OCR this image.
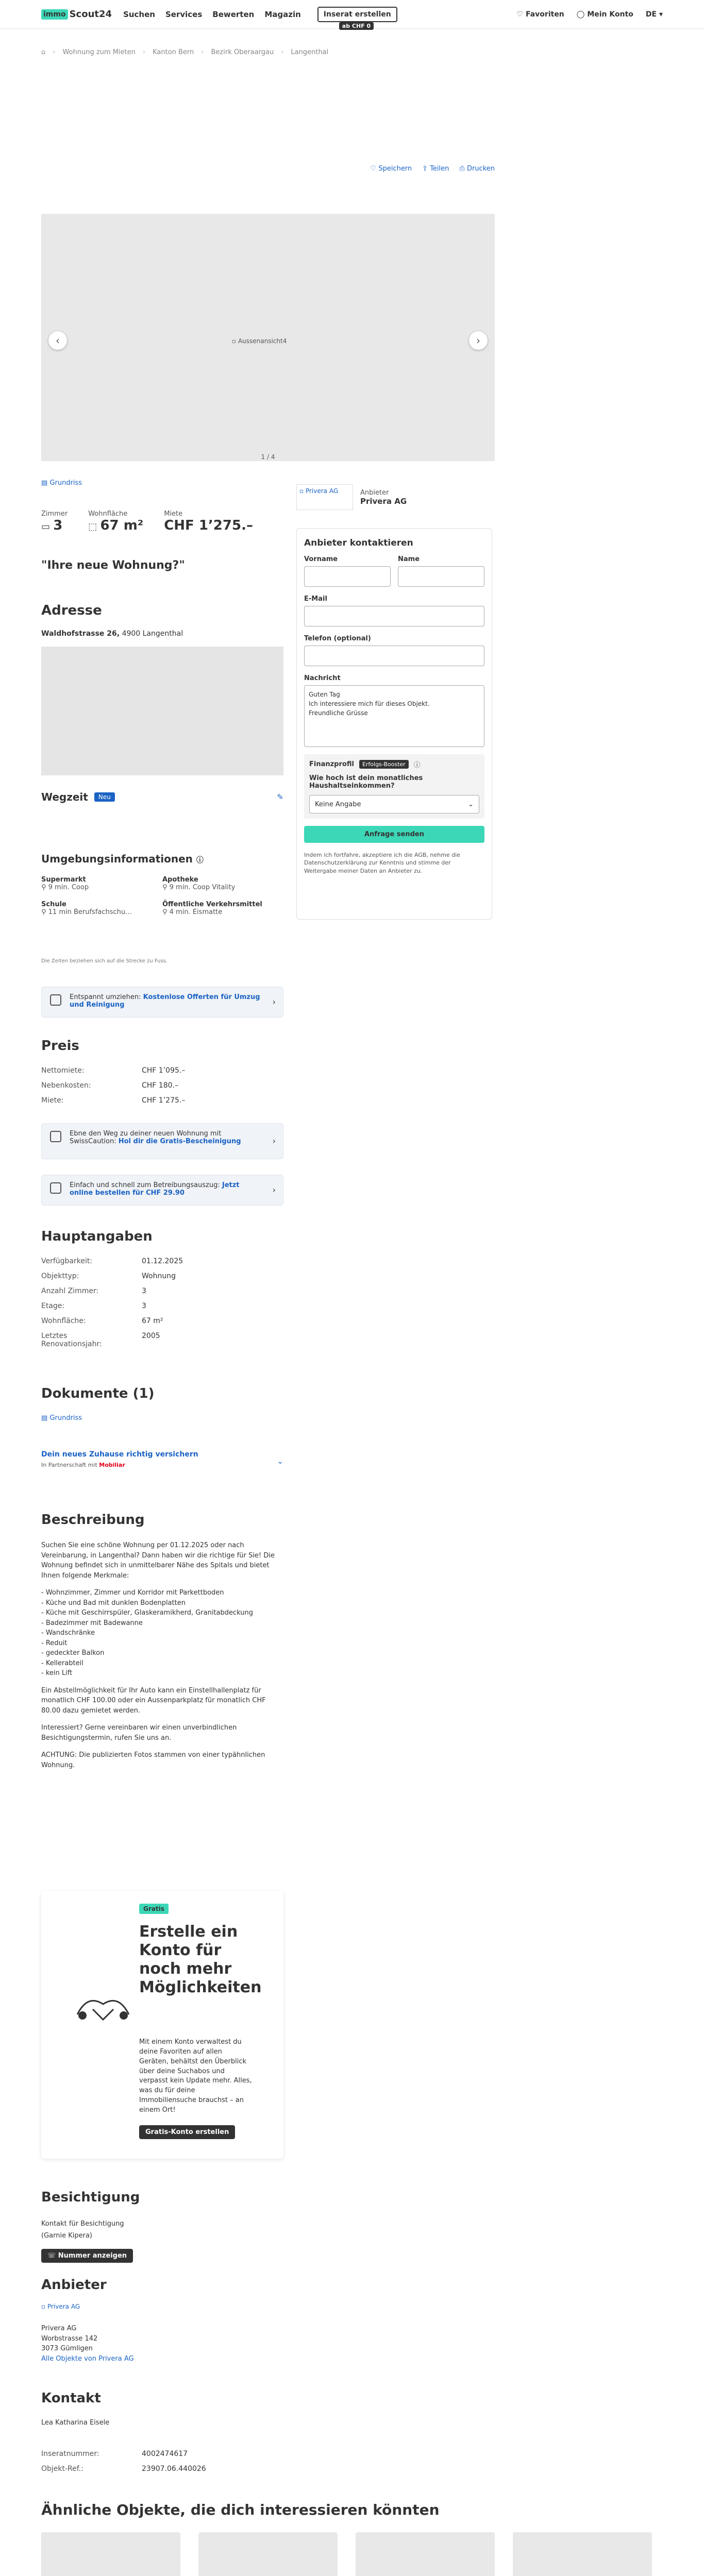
immo Scout24 Suchen Services Bewerten Magazin	Inserat erstellen
ab CHF 0
♡ Favoriten ◯ Mein Konto DE ▾
⌂ › Wohnung zum Mieten › Kanton Bern › Bezirk Oberaargau › Langenthal
♡ Speichern ⇪ Teilen ⎙ Drucken
▫ Aussenansicht4
‹	›
1 / 4
▤ Grundriss
Zimmer
▭ 3
Wohnfläche
⬚ 67 m²
Miete
CHF 1’275.–
"Ihre neue Wohnung?"
Adresse
Waldhofstrasse 26, 4900 Langenthal
Wegzeit	Neu	✎
Umgebungsinformationen ⓘ
Supermarkt
⚲ 9 min. Coop
Apotheke
⚲ 9 min. Coop Vitality
Schule
⚲ 11 min Berufsfachschu…
Öffentliche Verkehrsmittel
⚲ 4 min. Eismatte
Die Zeiten beziehen sich auf die Strecke zu Fuss.
Entspannt umziehen: Kostenlose Offerten für Umzug und Reinigung	›
Preis
Nettomiete:	CHF 1’095.–
Nebenkosten:	CHF 180.–
Miete:	CHF 1’275.–
Ebne den Weg zu deiner neuen Wohnung mit SwissCaution: Hol dir die Gratis-Bescheinigung	›
Einfach und schnell zum Betreibungsauszug: Jetzt online bestellen für CHF 29.90	›
Hauptangaben
Verfügbarkeit:	01.12.2025
Objekttyp:	Wohnung
Anzahl Zimmer:	3
Etage:	3
Wohnfläche:	67 m²
Letztes Renovationsjahr:
2005
Dokumente (1)
▤ Grundriss
Dein neues Zuhause richtig versichern
In Partnerschaft mit Mobiliar	⌄
Beschreibung

Suchen Sie eine schöne Wohnung per 01.12.2025 oder nach Vereinbarung, in Langenthal? Dann haben wir die richtige für Sie! Die Wohnung befindet sich in unmittelbarer Nähe des Spitals und bietet Ihnen folgende Merkmale:

- Wohnzimmer, Zimmer und Korridor mit Parkettboden
- Küche und Bad mit dunklen Bodenplatten
- Küche mit Geschirrspüler, Glaskeramikherd, Granitabdeckung
- Badezimmer mit Badewanne
- Wandschränke
- Reduit
- gedeckter Balkon
- Kellerabteil
- kein Lift

Ein Abstellmöglichkeit für Ihr Auto kann ein Einstellhallenplatz für monatlich CHF 100.00 oder ein Aussenparkplatz für monatlich CHF 80.00 dazu gemietet werden.

Interessiert? Gerne vereinbaren wir einen unverbindlichen Besichtigungstermin, rufen Sie uns an.

ACHTUNG: Die publizierten Fotos stammen von einer typähnlichen Wohnung.

Gratis
Erstelle ein Konto für noch mehr Möglichkeiten
Mit einem Konto verwaltest du deine Favoriten auf allen Geräten, behältst den Überblick über deine Suchabos und verpasst kein Update mehr. Alles, was du für deine Immobiliensuche brauchst – an einem Ort!
Gratis-Konto erstellen
Besichtigung
Kontakt für Besichtigung
(Garnie Kipera)
☏ Nummer anzeigen
Anbieter
▫ Privera AG
Privera AG
Worbstrasse 142
3073 Gümligen
Alle Objekte von Privera AG
Kontakt
Lea Katharina Eisele
Inseratnummer:	4002474617
Objekt-Ref.:	23907.06.440026
Ähnliche Objekte, die dich interessieren könnten
▫ Privera AG	Anbieter
Privera AG
Anbieter kontaktieren
Vorname	Name
E-Mail
Telefon (optional)
Nachricht
Guten Tag
Ich interessiere mich für dieses Objekt.
Freundliche Grüsse
Finanzprofil	Erfolgs-Booster	ⓘ
Wie hoch ist dein monatliches Haushaltseinkommen?
Keine Angabe	⌄
Anfrage senden
Indem ich fortfahre, akzeptiere ich die AGB, nehme die Datenschutzerklärung zur Kenntnis und stimme der Weitergabe meiner Daten an Anbieter zu.
